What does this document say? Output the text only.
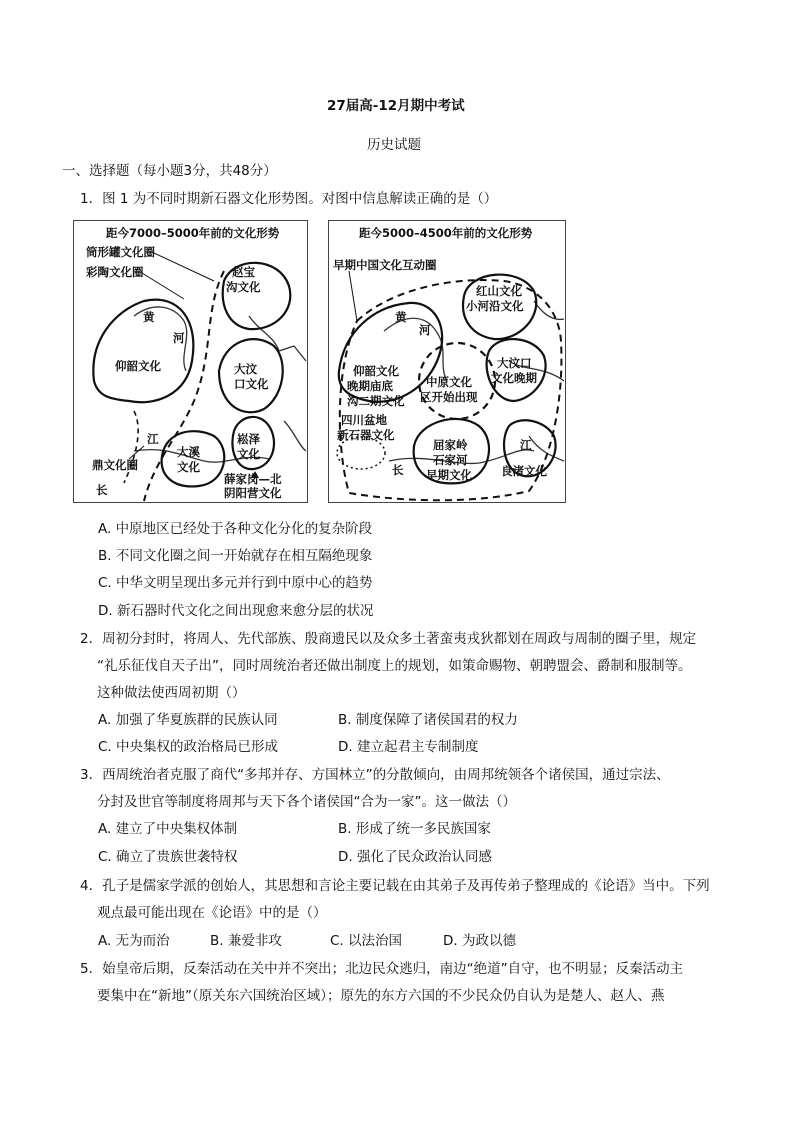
27届高-12月期中考试
历史试题
一、选择题（每小题3分，共48分）
1．图 1 为不同时期新石器文化形势图。对图中信息解读正确的是（）
距今7000–5000年前的文化形势
筒形罐文化圈
彩陶文化圈	赵宝
沟文化
黄
河
仰韶文化	大汶
口文化
江
大溪
文化
崧泽
文化
鼎文化圈
长
薛家岗—北
阴阳营文化
距今5000–4500年前的文化形势
早期中国文化互动圈
红山文化
小河沿文化
黄
河
仰韶文化
晚期庙底
沟二期文化
中原文化
区开始出现
大汶口
文化晚期
四川盆地
新石器文化
屈家岭
石家河
早期文化
长
江
良渚文化
A. 中原地区已经处于各种文化分化的复杂阶段
B. 不同文化圈之间一开始就存在相互隔绝现象
C. 中华文明呈现出多元并行到中原中心的趋势
D. 新石器时代文化之间出现愈来愈分层的状况
2．周初分封时，将周人、先代部族、殷商遗民以及众多土著蛮夷戎狄都划在周政与周制的圈子里，规定
“礼乐征伐自天子出”，同时周统治者还做出制度上的规划，如策命赐物、朝聘盟会、爵制和服制等。
这种做法使西周初期（）
A. 加强了华夏族群的民族认同	B. 制度保障了诸侯国君的权力
C. 中央集权的政治格局已形成	D. 建立起君主专制制度
3．西周统治者克服了商代“多邦并存、方国林立”的分散倾向，由周邦统领各个诸侯国，通过宗法、
分封及世官等制度将周邦与天下各个诸侯国“合为一家”。这一做法（）
A. 建立了中央集权体制	B. 形成了统一多民族国家
C. 确立了贵族世袭特权	D. 强化了民众政治认同感
4．孔子是儒家学派的创始人，其思想和言论主要记载在由其弟子及再传弟子整理成的《论语》当中。下列
观点最可能出现在《论语》中的是（）
A. 无为而治	B. 兼爱非攻	C. 以法治国	D. 为政以德
5．始皇帝后期，反秦活动在关中并不突出；北边民众逃归，南边“绝道”自守，也不明显；反秦活动主
要集中在“新地”（原关东六国统治区域）；原先的东方六国的不少民众仍自认为是楚人、赵人、燕
